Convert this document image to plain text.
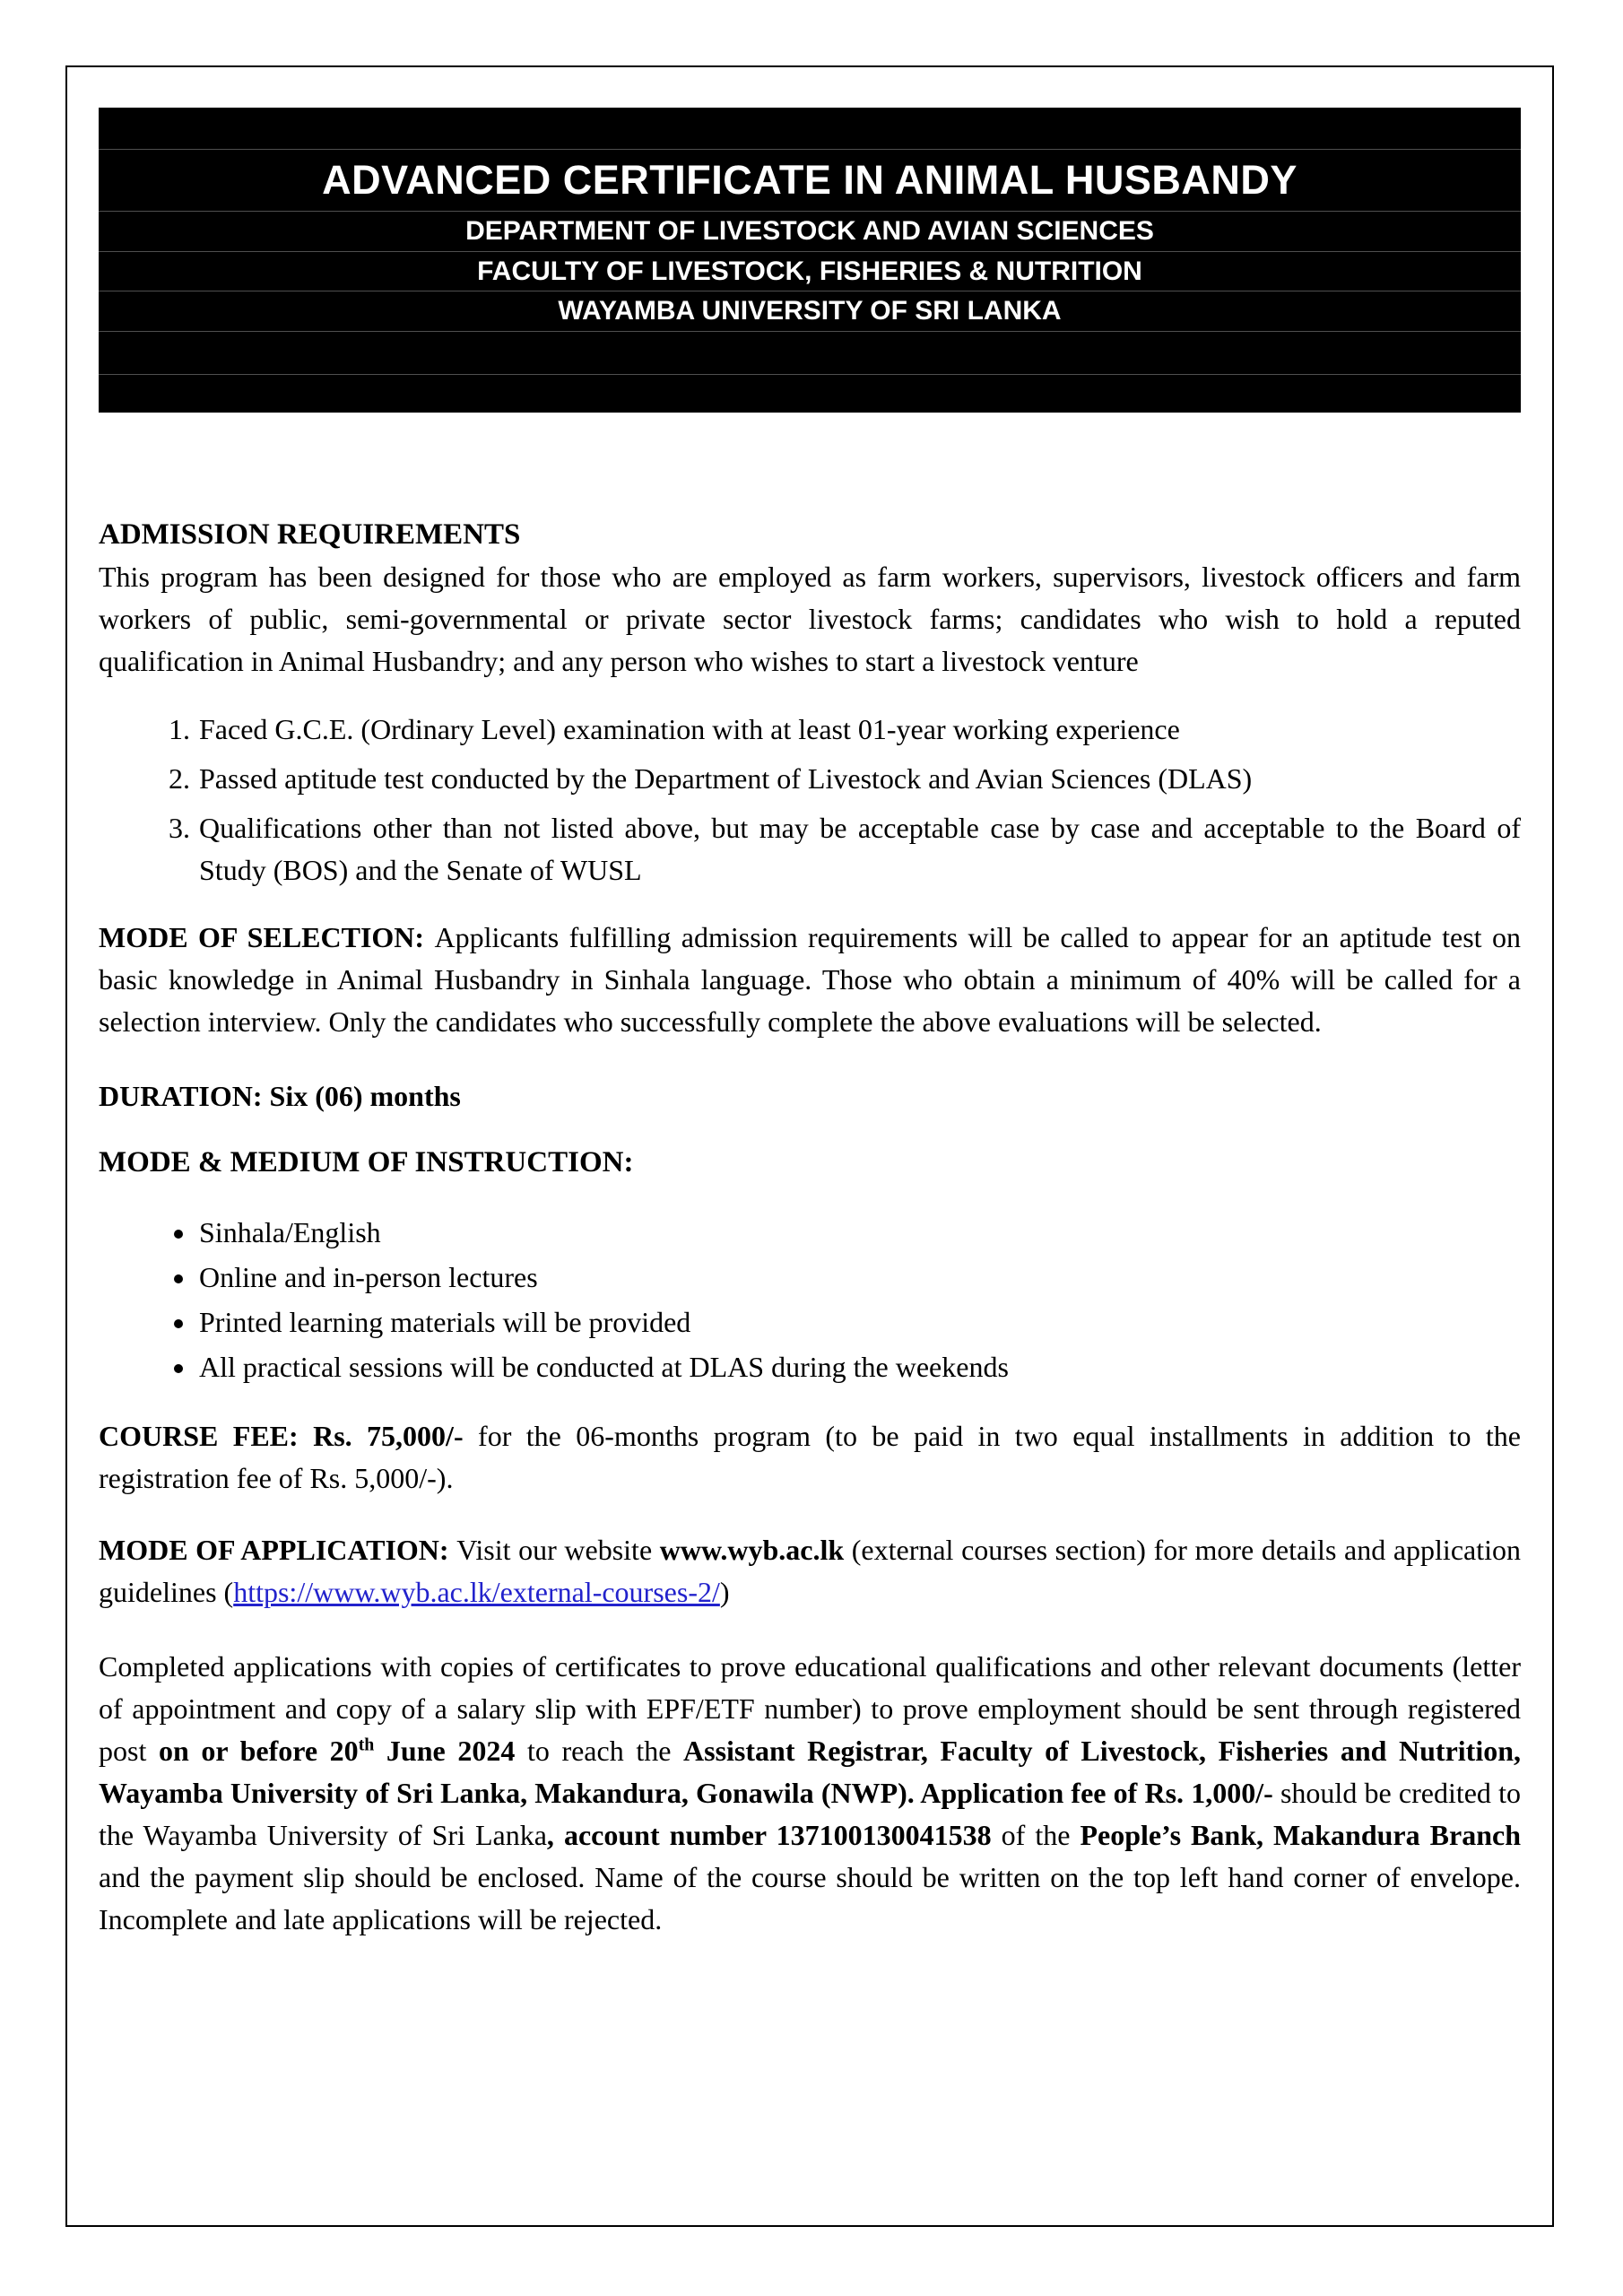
ADVANCED CERTIFICATE IN ANIMAL HUSBANDY
DEPARTMENT OF LIVESTOCK AND AVIAN SCIENCES
FACULTY OF LIVESTOCK, FISHERIES & NUTRITION
WAYAMBA UNIVERSITY OF SRI LANKA
ADMISSION REQUIREMENTS

This program has been designed for those who are employed as farm workers, supervisors, livestock officers and farm workers of public, semi-governmental or private sector livestock farms; candidates who wish to hold a reputed qualification in Animal Husbandry; and any person who wishes to start a livestock venture

1. Faced G.C.E. (Ordinary Level) examination with at least 01-year working experience
2. Passed aptitude test conducted by the Department of Livestock and Avian Sciences (DLAS)
3. Qualifications other than not listed above, but may be acceptable case by case and acceptable to the Board of Study (BOS) and the Senate of WUSL

MODE OF SELECTION: Applicants fulfilling admission requirements will be called to appear for an aptitude test on basic knowledge in Animal Husbandry in Sinhala language. Those who obtain a minimum of 40% will be called for a selection interview. Only the candidates who successfully complete the above evaluations will be selected.

DURATION: Six (06) months

MODE & MEDIUM OF INSTRUCTION:
• Sinhala/English
• Online and in-person lectures
• Printed learning materials will be provided
• All practical sessions will be conducted at DLAS during the weekends

COURSE FEE: Rs. 75,000/- for the 06-months program (to be paid in two equal installments in addition to the registration fee of Rs. 5,000/-).

MODE OF APPLICATION: Visit our website www.wyb.ac.lk (external courses section) for more details and application guidelines (https://www.wyb.ac.lk/external-courses-2/)

Completed applications with copies of certificates to prove educational qualifications and other relevant documents (letter of appointment and copy of a salary slip with EPF/ETF number) to prove employment should be sent through registered post on or before 20th June 2024 to reach the Assistant Registrar, Faculty of Livestock, Fisheries and Nutrition, Wayamba University of Sri Lanka, Makandura, Gonawila (NWP). Application fee of Rs. 1,000/- should be credited to the Wayamba University of Sri Lanka, account number 137100130041538 of the People’s Bank, Makandura Branch and the payment slip should be enclosed. Name of the course should be written on the top left hand corner of envelope. Incomplete and late applications will be rejected.
